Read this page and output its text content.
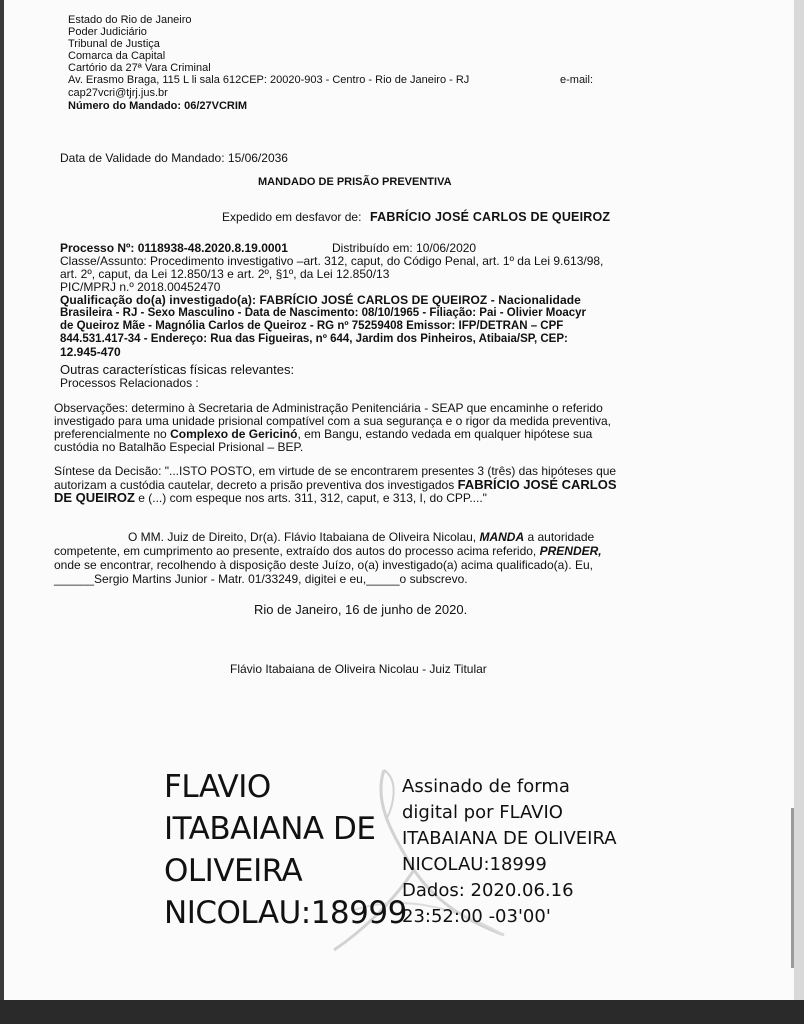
Estado do Rio de Janeiro
Poder Judiciário
Tribunal de Justiça
Comarca da Capital
Cartório da 27ª Vara Criminal
Av. Erasmo Braga, 115 L li sala 612CEP: 20020-903 - Centro - Rio de Janeiro - RJ	e-mail:
cap27vcri@tjrj.jus.br
Número do Mandado: 06/27VCRIM
Data de Validade do Mandado: 15/06/2036
MANDADO DE PRISÃO PREVENTIVA
Expedido em desfavor de: FABRÍCIO JOSÉ CARLOS DE QUEIROZ
Processo Nº: 0118938-48.2020.8.19.0001	Distribuído em: 10/06/2020
Classe/Assunto: Procedimento investigativo –art. 312, caput, do Código Penal, art. 1º da Lei 9.613/98,
art. 2º, caput, da Lei 12.850/13 e art. 2º, §1º, da Lei 12.850/13
PIC/MPRJ n.º 2018.00452470
Qualificação do(a) investigado(a): FABRÍCIO JOSÉ CARLOS DE QUEIROZ - Nacionalidade
Brasileira - RJ - Sexo Masculino - Data de Nascimento: 08/10/1965 - Filiação: Pai - Olivier Moacyr
de Queiroz Mãe - Magnólia Carlos de Queiroz - RG nº 75259408 Emissor: IFP/DETRAN – CPF
844.531.417-34 - Endereço: Rua das Figueiras, nº 644, Jardim dos Pinheiros, Atibaia/SP, CEP:
12.945-470
Outras características físicas relevantes:
Processos Relacionados :
Observações: determino à Secretaria de Administração Penitenciária - SEAP que encaminhe o referido
investigado para uma unidade prisional compatível com a sua segurança e o rigor da medida preventiva,
preferencialmente no Complexo de Gericinó, em Bangu, estando vedada em qualquer hipótese sua
custódia no Batalhão Especial Prisional – BEP.
Síntese da Decisão: "...ISTO POSTO, em virtude de se encontrarem presentes 3 (três) das hipóteses que
autorizam a custódia cautelar, decreto a prisão preventiva dos investigados FABRÍCIO JOSÉ CARLOS
DE QUEIROZ e (...) com espeque nos arts. 311, 312, caput, e 313, I, do CPP...."
O MM. Juiz de Direito, Dr(a). Flávio Itabaiana de Oliveira Nicolau, MANDA a autoridade
competente, em cumprimento ao presente, extraído dos autos do processo acima referido, PRENDER,
onde se encontrar, recolhendo à disposição deste Juízo, o(a) investigado(a) acima qualificado(a). Eu,
______Sergio Martins Junior - Matr. 01/33249, digitei e eu,_____o subscrevo.
Rio de Janeiro, 16 de junho de 2020.
Flávio Itabaiana de Oliveira Nicolau - Juiz Titular
FLAVIO
ITABAIANA DE
OLIVEIRA
NICOLAU:18999
Assinado de forma
digital por FLAVIO
ITABAIANA DE OLIVEIRA
NICOLAU:18999
Dados: 2020.06.16
23:52:00 -03'00'
